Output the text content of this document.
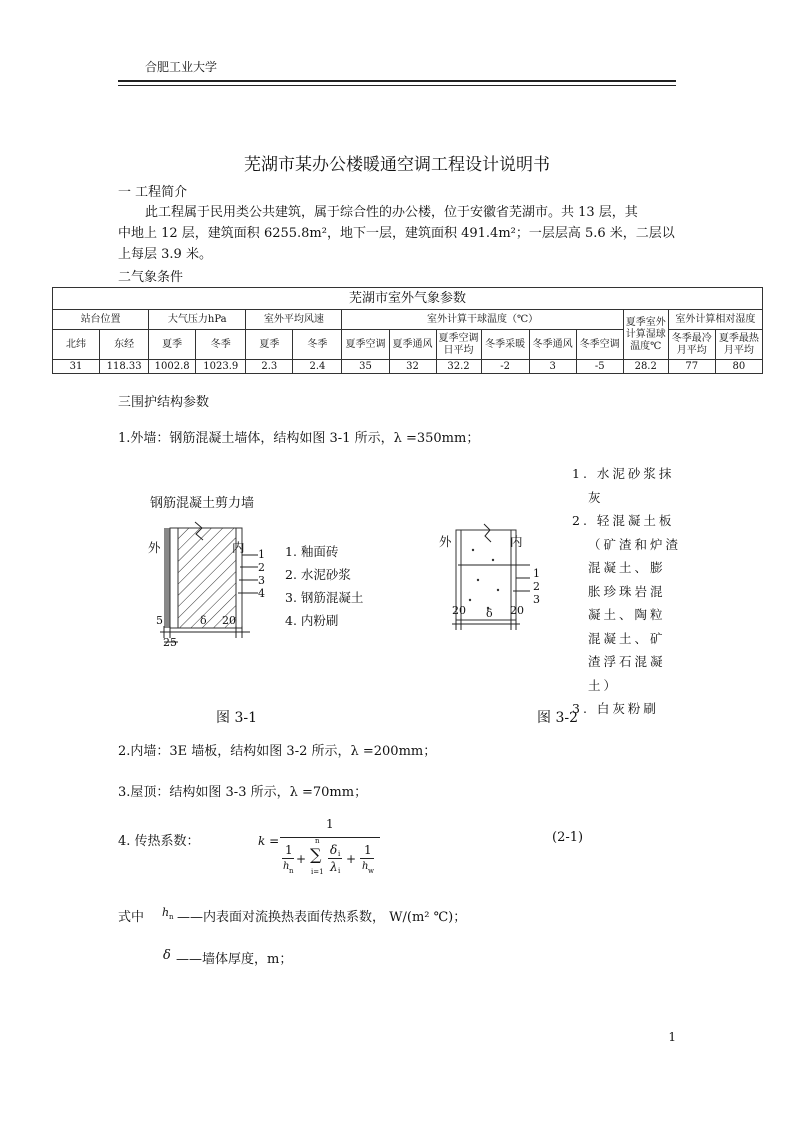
合肥工业大学
芜湖市某办公楼暖通空调工程设计说明书
一 工程简介
此工程属于民用类公共建筑，属于综合性的办公楼，位于安徽省芜湖市。共 13 层，其
中地上 12 层，建筑面积 6255.8m²，地下一层，建筑面积 491.4m²；一层层高 5.6 米，二层以
上每层 3.9 米。
二气象条件
芜湖市室外气象参数														
站台位置		大气压力hPa		室外平均风速		室外计算干球温度（℃）						夏季室外计算湿球温度℃	室外计算相对湿度	
北纬	东经	夏季	冬季	夏季	冬季	夏季空调	夏季通风	夏季空调日平均	冬季采暖	冬季通风	冬季空调		冬季最冷月平均	夏季最热月平均
31	118.33	1002.8	1023.9	2.3	2.4	35	32	32.2	-2	3	-5	28.2	77	80
三围护结构参数
1.外墙：钢筋混凝土墙体，结构如图 3-1 所示，λ =350mm；
钢筋混凝土剪力墙
外	内 1
2
3
4
5	δ 20
25
1. 釉面砖
2. 水泥砂浆
3. 钢筋混凝土
4. 内粉刷
图 3-1
外	内
1
2
3
20 δ 20
1. 水泥砂浆抹
灰
2. 轻混凝土板
（矿渣和炉渣
混凝土、膨
胀珍珠岩混
凝土、陶粒
混凝土、矿
渣浮石混凝
土）
3. 白灰粉刷
图 3-2
2.内墙：3E 墙板，结构如图 3-2 所示，λ =200mm；
3.屋顶：结构如图 3-3 所示，λ =70mm；
4. 传热系数：	k =
1
1
h n
+
n
∑
i=1
δ i
λ i
+
1
h w
(2-1)
式中 h n ——内表面对流换热表面传热系数， W/(m² ℃)；
δ ——墙体厚度，m；
1
